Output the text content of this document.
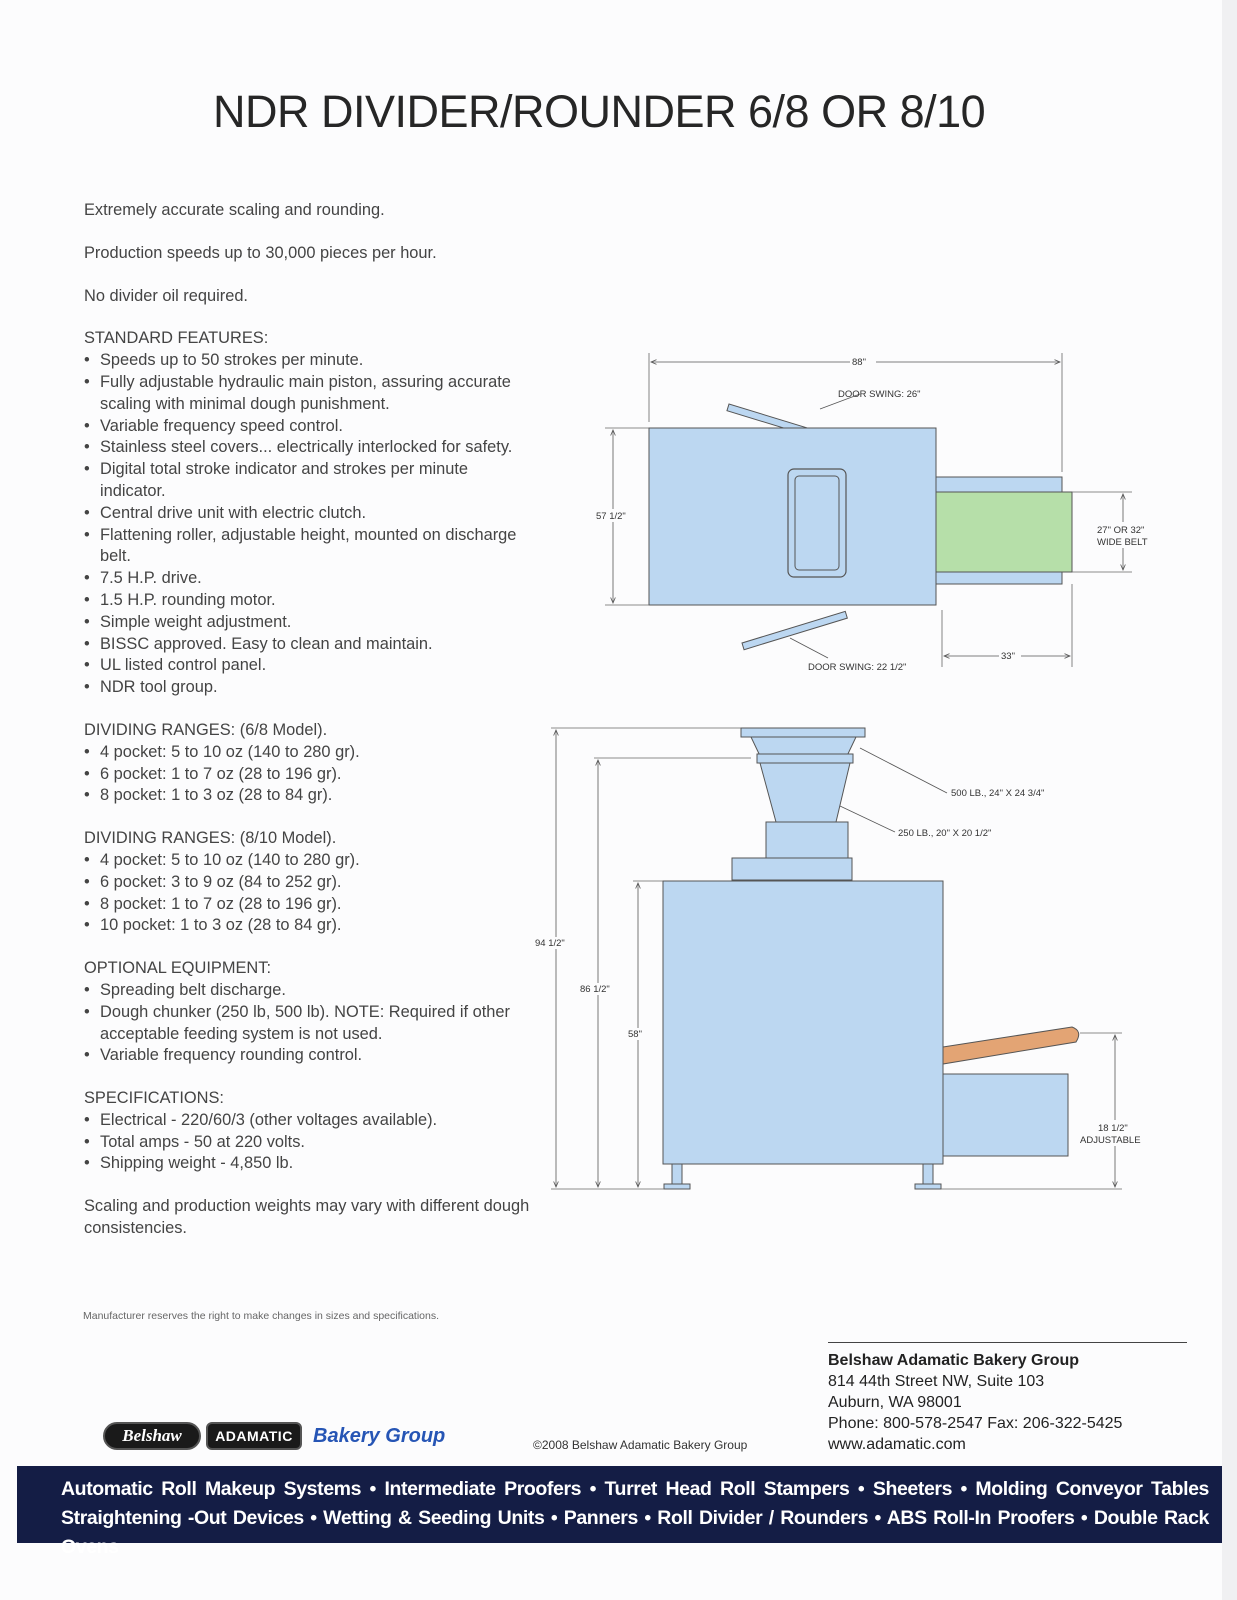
NDR DIVIDER/ROUNDER 6/8 OR 8/10

Extremely accurate scaling and rounding.

Production speeds up to 30,000 pieces per hour.

No divider oil required.

STANDARD FEATURES:
• Speeds up to 50 strokes per minute.
• Fully adjustable hydraulic main piston, assuring accurate scaling with minimal dough punishment.
• Variable frequency speed control.
• Stainless steel covers... electrically interlocked for safety.
• Digital total stroke indicator and strokes per minute indicator.
• Central drive unit with electric clutch.
• Flattening roller, adjustable height, mounted on discharge belt.
• 7.5 H.P. drive.
• 1.5 H.P. rounding motor.
• Simple weight adjustment.
• BISSC approved. Easy to clean and maintain.
• UL listed control panel.
• NDR tool group.
DIVIDING RANGES: (6/8 Model).
• 4 pocket: 5 to 10 oz (140 to 280 gr).
• 6 pocket: 1 to 7 oz (28 to 196 gr).
• 8 pocket: 1 to 3 oz (28 to 84 gr).
DIVIDING RANGES: (8/10 Model).
• 4 pocket: 5 to 10 oz (140 to 280 gr).
• 6 pocket: 3 to 9 oz (84 to 252 gr).
• 8 pocket: 1 to 7 oz (28 to 196 gr).
• 10 pocket: 1 to 3 oz (28 to 84 gr).
OPTIONAL EQUIPMENT:
• Spreading belt discharge.
• Dough chunker (250 lb, 500 lb). NOTE: Required if other acceptable feeding system is not used.
• Variable frequency rounding control.
SPECIFICATIONS:
• Electrical - 220/60/3 (other voltages available).
• Total amps - 50 at 220 volts.
• Shipping weight - 4,850 lb.

Scaling and production weights may vary with different dough consistencies.

Manufacturer reserves the right to make changes in sizes and specifications.
88"
DOOR SWING: 26"
57 1/2"
27" OR 32"
WIDE BELT
DOOR SWING: 22 1/2"
33"
500 LB., 24" X 24 3/4"
250 LB., 20" X 20 1/2"
94 1/2"
86 1/2"
58"
18 1/2"
ADJUSTABLE
Belshaw Adamatic Bakery Group
814 44th Street NW, Suite 103
Auburn, WA 98001
Phone: 800-578-2547 Fax: 206-322-5425
www.adamatic.com
Belshaw	ADAMATIC	Bakery Group	©2008 Belshaw Adamatic Bakery Group
Automatic Roll Makeup Systems • Intermediate Proofers • Turret Head Roll Stampers • Sheeters • Molding Conveyor Tables Straightening -Out Devices • Wetting & Seeding Units • Panners • Roll Divider / Rounders • ABS Roll-In Proofers • Double Rack Ovens
